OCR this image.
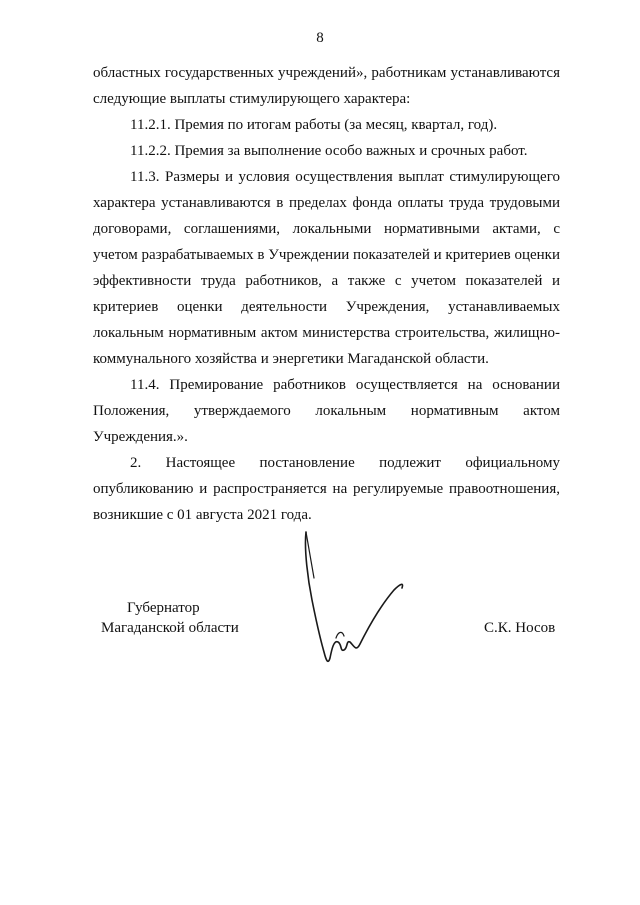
8

областных государственных учреждений», работникам устанавливаются следующие выплаты стимулирующего характера:

11.2.1. Премия по итогам работы (за месяц, квартал, год).

11.2.2. Премия за выполнение особо важных и срочных работ.

11.3. Размеры и условия осуществления выплат стимулирующего характера устанавливаются в пределах фонда оплаты труда трудовыми договорами, соглашениями, локальными нормативными актами, с учетом разрабатываемых в Учреждении показателей и критериев оценки эффективности труда работников, а также с учетом показателей и критериев оценки деятельности Учреждения, устанавливаемых локальным нормативным актом министерства строительства, жилищно-коммунального хозяйства и энергетики Магаданской области.

11.4. Премирование работников осуществляется на основании Положения, утверждаемого локальным нормативным актом Учреждения.».

2. Настоящее постановление подлежит официальному опубликованию и распространяется на регулируемые правоотношения, возникшие с 01 августа 2021 года.

Губернатор
Магаданской области	С.К. Носов
